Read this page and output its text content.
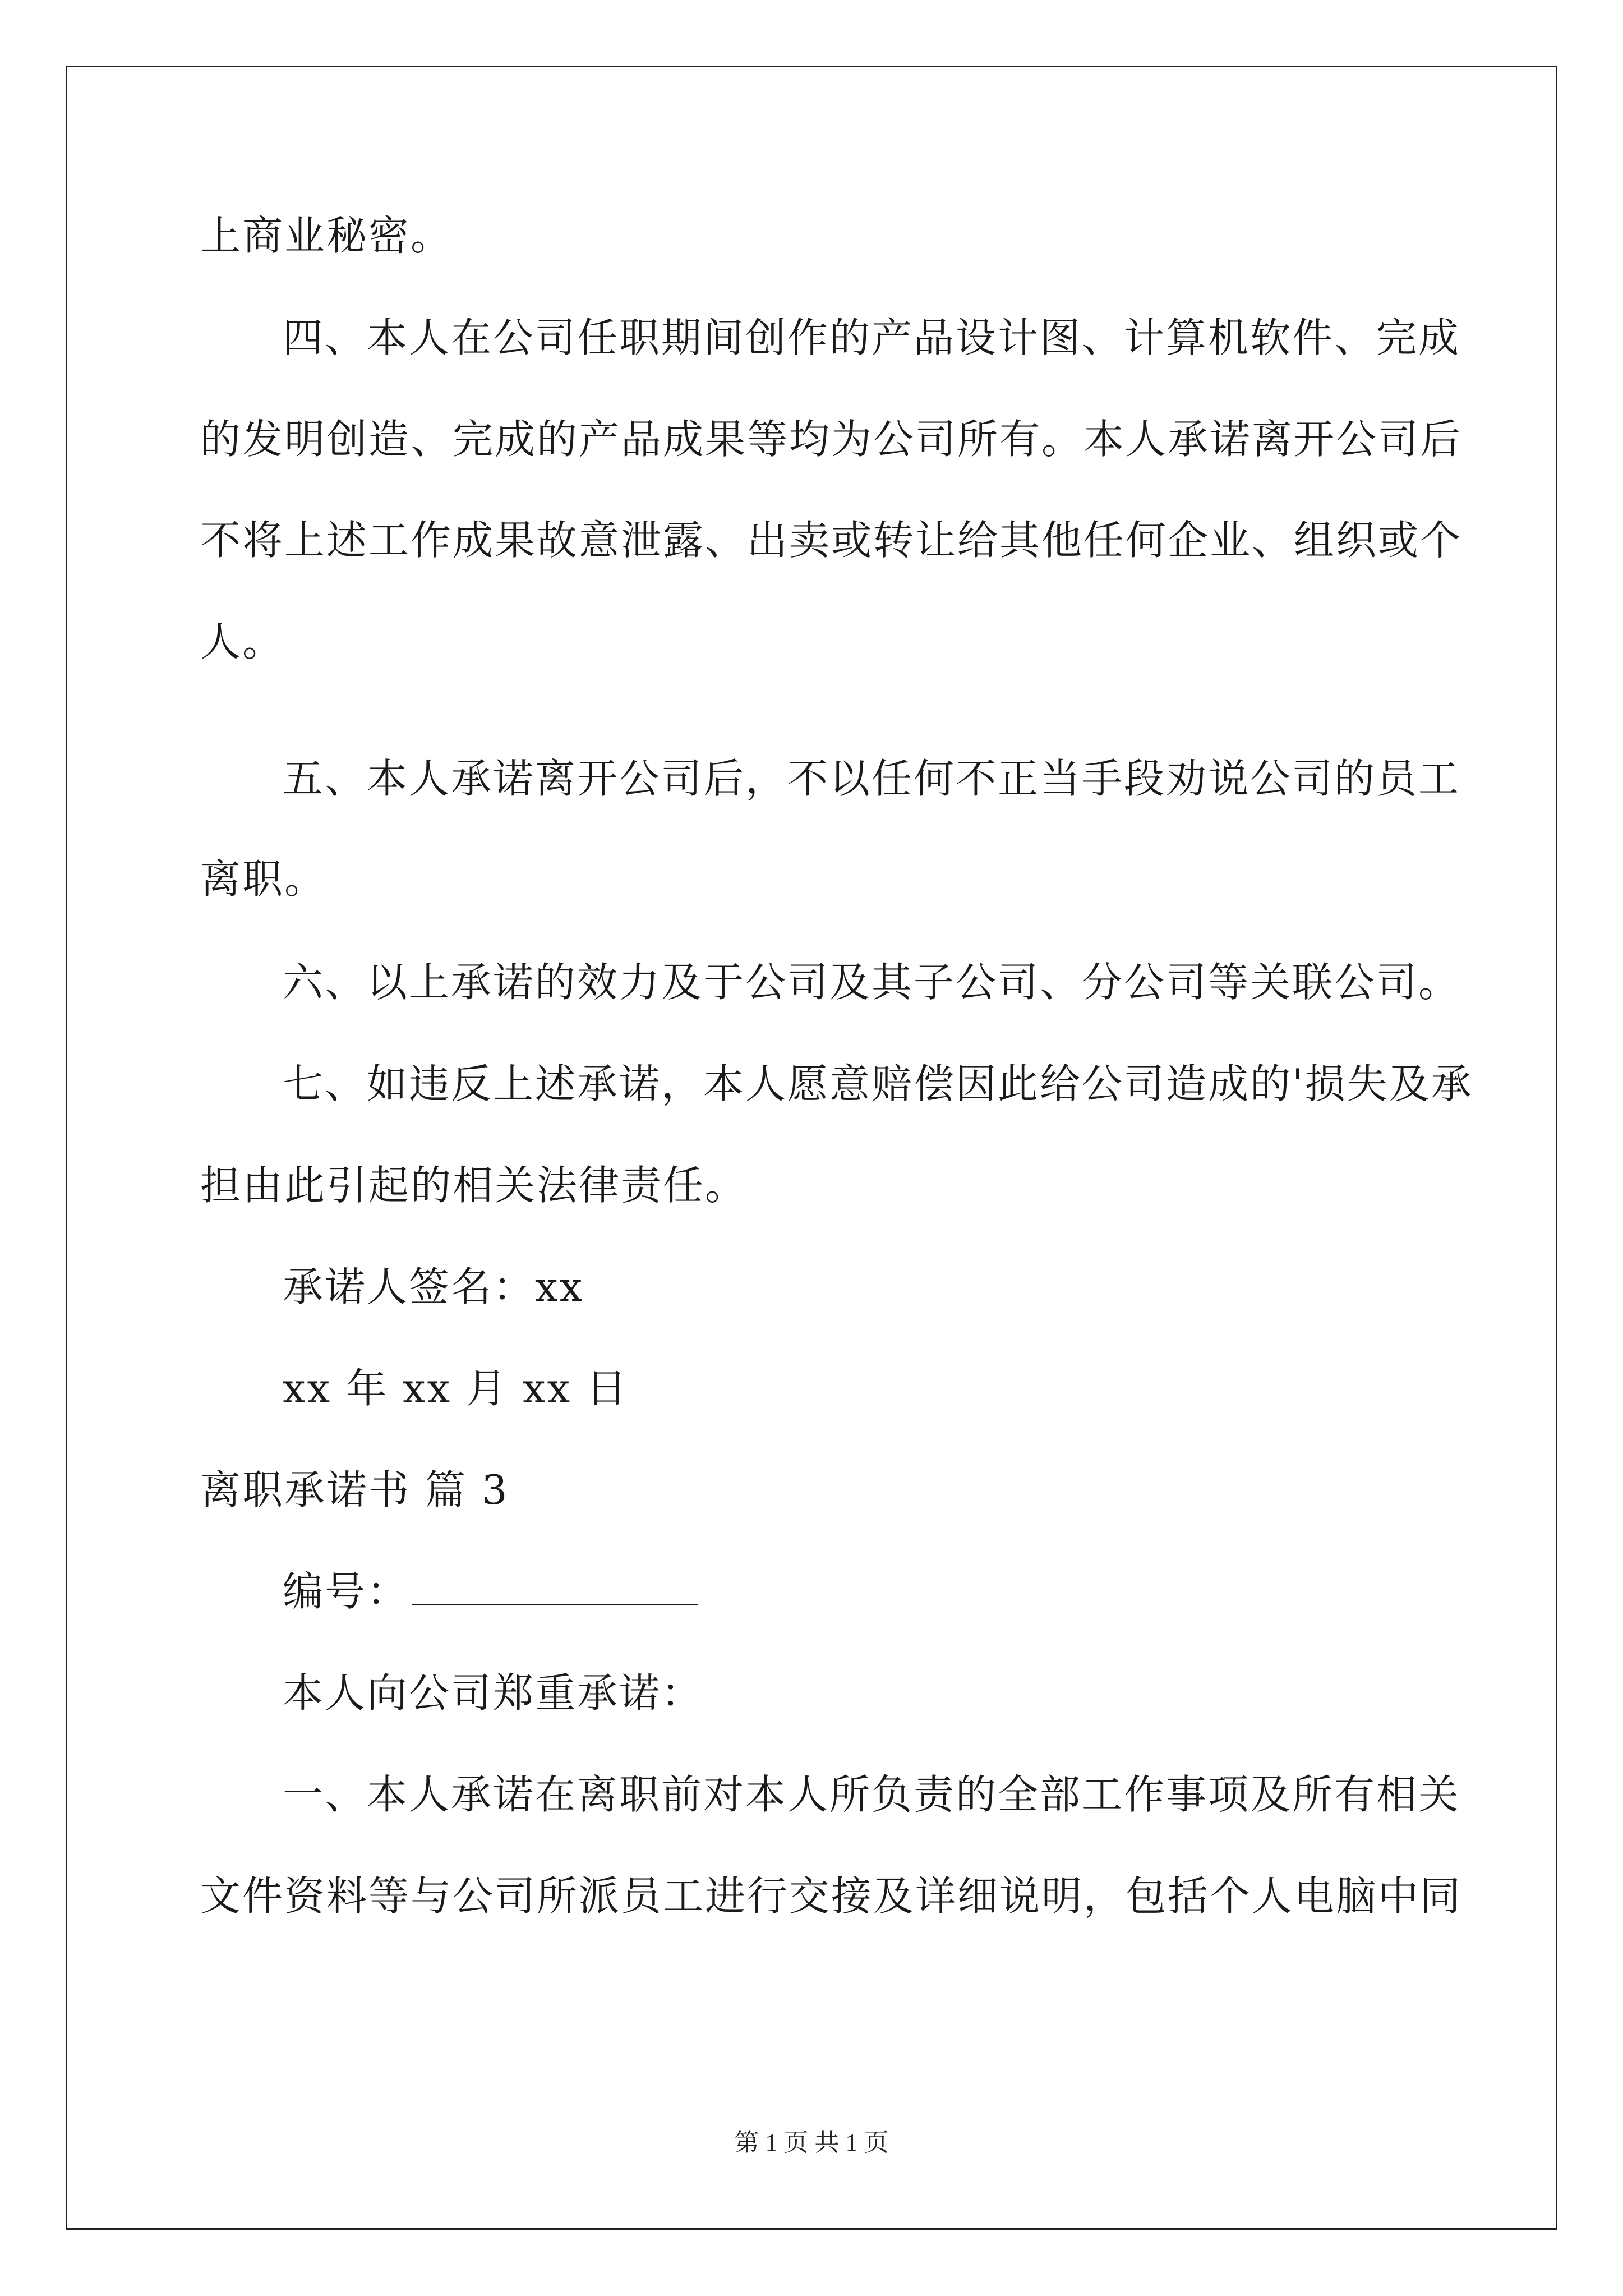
上商业秘密。
四、本人在公司任职期间创作的产品设计图、计算机软件、完成
的发明创造、完成的产品成果等均为公司所有。本人承诺离开公司后
不将上述工作成果故意泄露、出卖或转让给其他任何企业、组织或个
人。
五、本人承诺离开公司后，不以任何不正当手段劝说公司的员工
离职。
六、以上承诺的效力及于公司及其子公司、分公司等关联公司。
七、如违反上述承诺，本人愿意赔偿因此给公司造成的'损失及承
担由此引起的相关法律责任。
承诺人签名：xx
xx 年 xx 月 xx 日
离职承诺书 篇 3
编号：
本人向公司郑重承诺：
一、本人承诺在离职前对本人所负责的全部工作事项及所有相关
文件资料等与公司所派员工进行交接及详细说明，包括个人电脑中同
第 1 页 共 1 页
